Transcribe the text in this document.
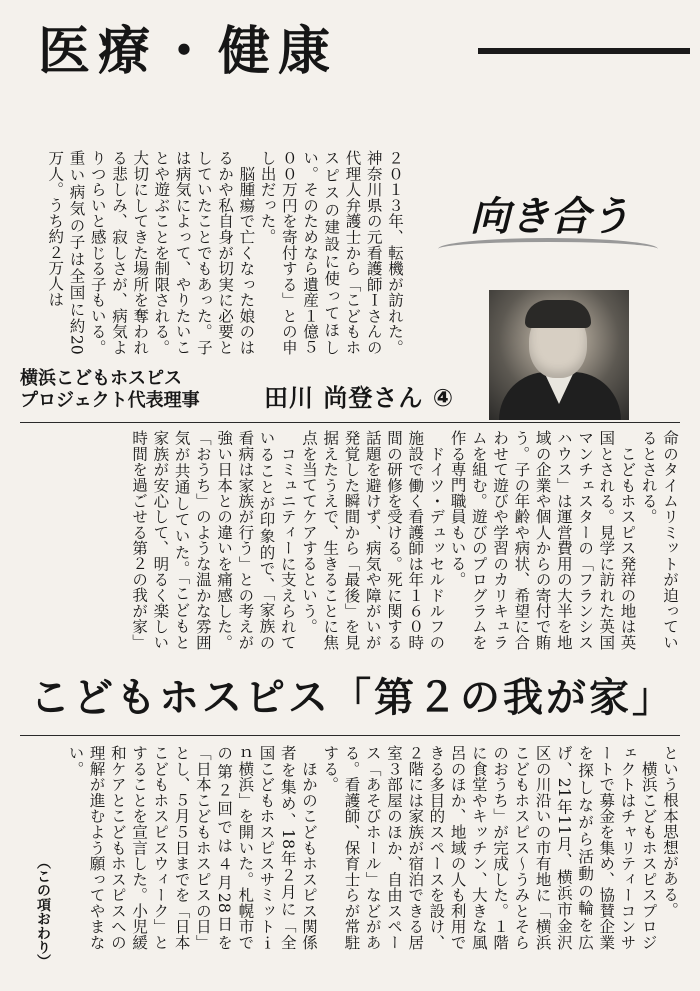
医療・健康
２０１３年、転機が訪れた。神奈川県の元看護師Ｉさんの代理人弁護士から「こどもホスピスの建設に使ってほしい。そのためなら遺産１億５００万円を寄付する」との申し出だった。
　脳腫瘍で亡くなった娘のはるかや私自身が切実に必要としていたことでもあった。子は病気によって、やりたいことや遊ぶことを制限される。大切にしてきた場所を奪われる悲しみ、寂しさが、病気よりつらいと感じる子もいる。重い病気の子は全国に約20万人。うち約２万人は	向き合う
横浜こどもホスピス
プロジェクト代表理事	田川 尚登さん ④
命のタイムリミットが迫っているとされる。
　こどもホスピス発祥の地は英国とされる。見学に訪れた英国マンチェスターの「フランシスハウス」は運営費用の大半を地域の企業や個人からの寄付で賄う。子の年齢や病状、希望に合わせて遊びや学習のカリキュラムを組む。遊びのプログラムを作る専門職員もいる。
　ドイツ・デュッセルドルフの施設で働く看護師は年１６０時間の研修を受ける。死に関する話題を避けず、病気や障がいが発覚した瞬間から「最後」を見据えたうえで、生きることに焦点を当ててケアするという。
　コミュニティーに支えられていることが印象的で、「家族の看病は家族が行う」との考えが強い日本との違いを痛感した。「おうち」のような温かな雰囲気が共通していた。「こどもと家族が安心して、明るく楽しい時間を過ごせる第２の我が家」
こどもホスピス「第２の我が家」
という根本思想がある。
　横浜こどもホスピスプロジェクトはチャリティーコンサートで募金を集め、協賛企業を探しながら活動の輪を広げ、21年11月、横浜市金沢区の川沿いの市有地に「横浜こどもホスピス～うみとそらのおうち」が完成した。１階に食堂やキッチン、大きな風呂のほか、地域の人も利用できる多目的スペースを設け、２階には家族が宿泊できる居室３部屋のほか、自由スペース「あそびホール」などがある。看護師、保育士らが常駐する。
　ほかのこどもホスピス関係者を集め、18年２月に「全国こどもホスピスサミットｉｎ横浜」を開いた。札幌市での第２回では４月28日を「日本こどもホスピスの日」とし、５月５日までを「日本こどもホスピスウィーク」とすることを宣言した。小児緩和ケアとこどもホスピスへの理解が進むよう願ってやまない。
（この項おわり）
